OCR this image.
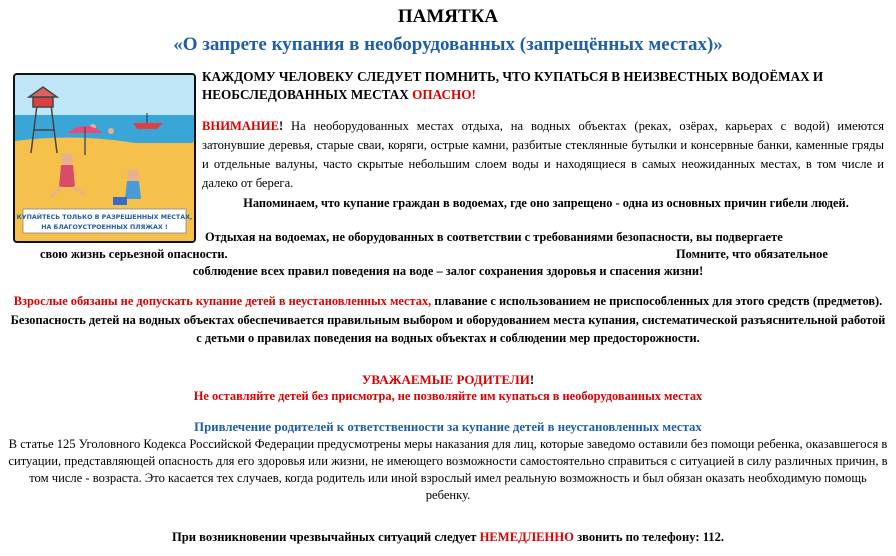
ПАМЯТКА
«О запрете купания в необорудованных (запрещённых местах)»
КУПАЙТЕСЬ ТОЛЬКО В РАЗРЕШЕННЫХ МЕСТАХ,
НА БЛАГОУСТРОЕННЫХ ПЛЯЖАХ !
КАЖДОМУ ЧЕЛОВЕКУ СЛЕДУЕТ ПОМНИТЬ, ЧТО КУПАТЬСЯ В НЕИЗВЕСТНЫХ ВОДОЁМАХ И НЕОБСЛЕДОВАННЫХ МЕСТАХ ОПАСНО!
ВНИМАНИЕ! На необорудованных местах отдыха, на водных объектах (реках, озёрах, карьерах с водой) имеются затонувшие деревья, старые сваи, коряги, острые камни, разбитые стеклянные бутылки и консервные банки, каменные гряды и отдельные валуны, часто скрытые небольшим слоем воды и находящиеся в самых неожиданных местах, в том числе и далеко от берега.
Напоминаем, что купание граждан в водоемах, где оно запрещено - одна из основных причин гибели людей.
Отдыхая на водоемах, не оборудованных в соответствии с требованиями безопасности, вы подвергаете
свою жизнь серьезной опасности.	Помните, что обязательное
соблюдение всех правил поведения на воде – залог сохранения здоровья и спасения жизни!
Взрослые обязаны не допускать купание детей в неустановленных местах, плавание с использованием не приспособленных для этого средств (предметов). Безопасность детей на водных объектах обеспечивается правильным выбором и оборудованием места купания, систематической разъяснительной работой с детьми о правилах поведения на водных объектах и соблюдении мер предосторожности.
УВАЖАЕМЫЕ РОДИТЕЛИ!
Не оставляйте детей без присмотра, не позволяйте им купаться в необорудованных местах
Привлечение родителей к ответственности за купание детей в неустановленных местах
В статье 125 Уголовного Кодекса Российской Федерации предусмотрены меры наказания для лиц, которые заведомо оставили без помощи ребенка, оказавшегося в ситуации, представляющей опасность для его здоровья или жизни, не имеющего возможности самостоятельно справиться с ситуацией в силу различных причин, в том числе - возраста. Это касается тех случаев, когда родитель или иной взрослый имел реальную возможность и был обязан оказать необходимую помощь ребенку.
При возникновении чрезвычайных ситуаций следует НЕМЕДЛЕННО звонить по телефону: 112.
